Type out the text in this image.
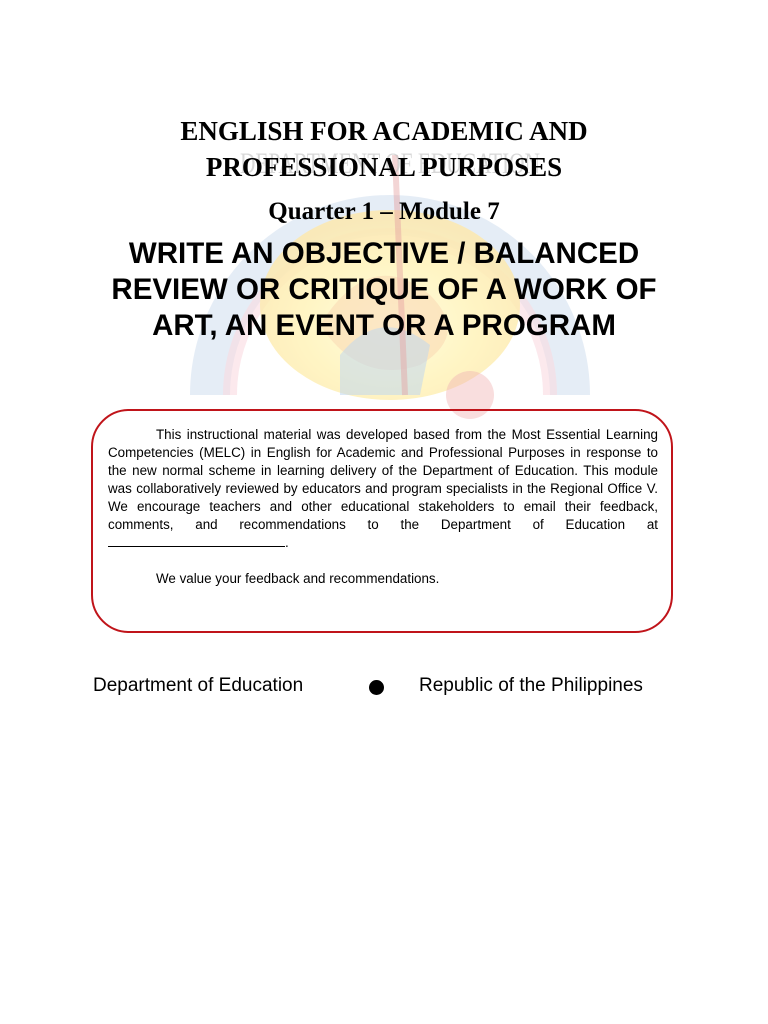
DEPARTMENT OF EDUCATION
ENGLISH FOR ACADEMIC AND
PROFESSIONAL PURPOSES
Quarter 1 – Module 7
WRITE AN OBJECTIVE / BALANCED
REVIEW OR CRITIQUE OF A WORK OF
ART, AN EVENT OR A PROGRAM

This instructional material was developed based from the Most Essential Learning Competencies (MELC) in English for Academic and Professional Purposes in response to the new normal scheme in learning delivery of the Department of Education. This module was collaboratively reviewed by educators and program specialists in the Regional Office V. We encourage teachers and other educational stakeholders to email their feedback, comments, and recommendations to the Department of Education at.

We value your feedback and recommendations.

Department of Education	Republic of the Philippines
